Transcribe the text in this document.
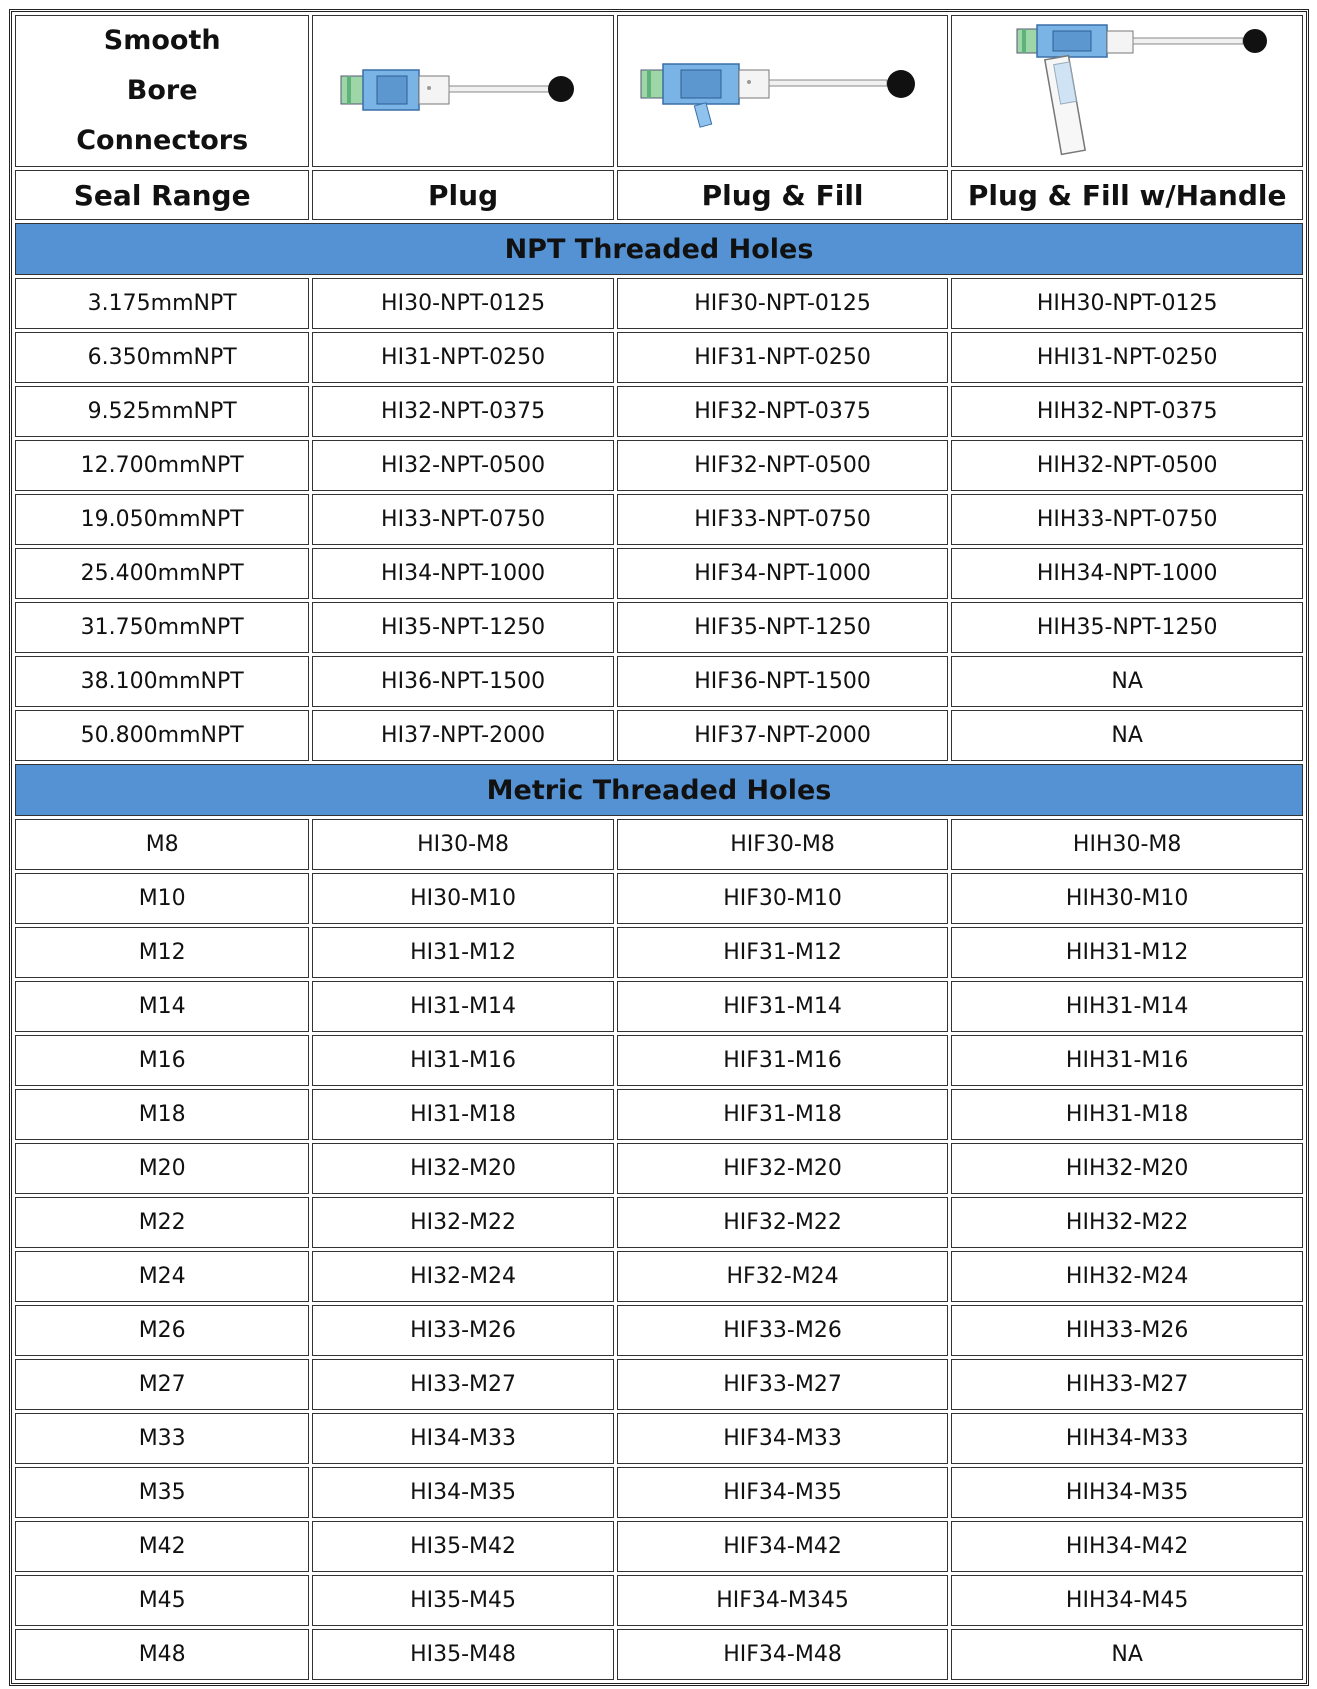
Smooth Bore Connectors	

Seal Range	Plug	Plug & Fill	Plug & Fill w/Handle
NPT Threaded Holes			
3.175mmNPT	HI30-NPT-0125	HIF30-NPT-0125	HIH30-NPT-0125
6.350mmNPT	HI31-NPT-0250	HIF31-NPT-0250	HHI31-NPT-0250
9.525mmNPT	HI32-NPT-0375	HIF32-NPT-0375	HIH32-NPT-0375
12.700mmNPT	HI32-NPT-0500	HIF32-NPT-0500	HIH32-NPT-0500
19.050mmNPT	HI33-NPT-0750	HIF33-NPT-0750	HIH33-NPT-0750
25.400mmNPT	HI34-NPT-1000	HIF34-NPT-1000	HIH34-NPT-1000
31.750mmNPT	HI35-NPT-1250	HIF35-NPT-1250	HIH35-NPT-1250
38.100mmNPT	HI36-NPT-1500	HIF36-NPT-1500	NA
50.800mmNPT	HI37-NPT-2000	HIF37-NPT-2000	NA
Metric Threaded Holes			
M8	HI30-M8	HIF30-M8	HIH30-M8
M10	HI30-M10	HIF30-M10	HIH30-M10
M12	HI31-M12	HIF31-M12	HIH31-M12
M14	HI31-M14	HIF31-M14	HIH31-M14
M16	HI31-M16	HIF31-M16	HIH31-M16
M18	HI31-M18	HIF31-M18	HIH31-M18
M20	HI32-M20	HIF32-M20	HIH32-M20
M22	HI32-M22	HIF32-M22	HIH32-M22
M24	HI32-M24	HF32-M24	HIH32-M24
M26	HI33-M26	HIF33-M26	HIH33-M26
M27	HI33-M27	HIF33-M27	HIH33-M27
M33	HI34-M33	HIF34-M33	HIH34-M33
M35	HI34-M35	HIF34-M35	HIH34-M35
M42	HI35-M42	HIF34-M42	HIH34-M42
M45	HI35-M45	HIF34-M345	HIH34-M45
M48	HI35-M48	HIF34-M48	NA
